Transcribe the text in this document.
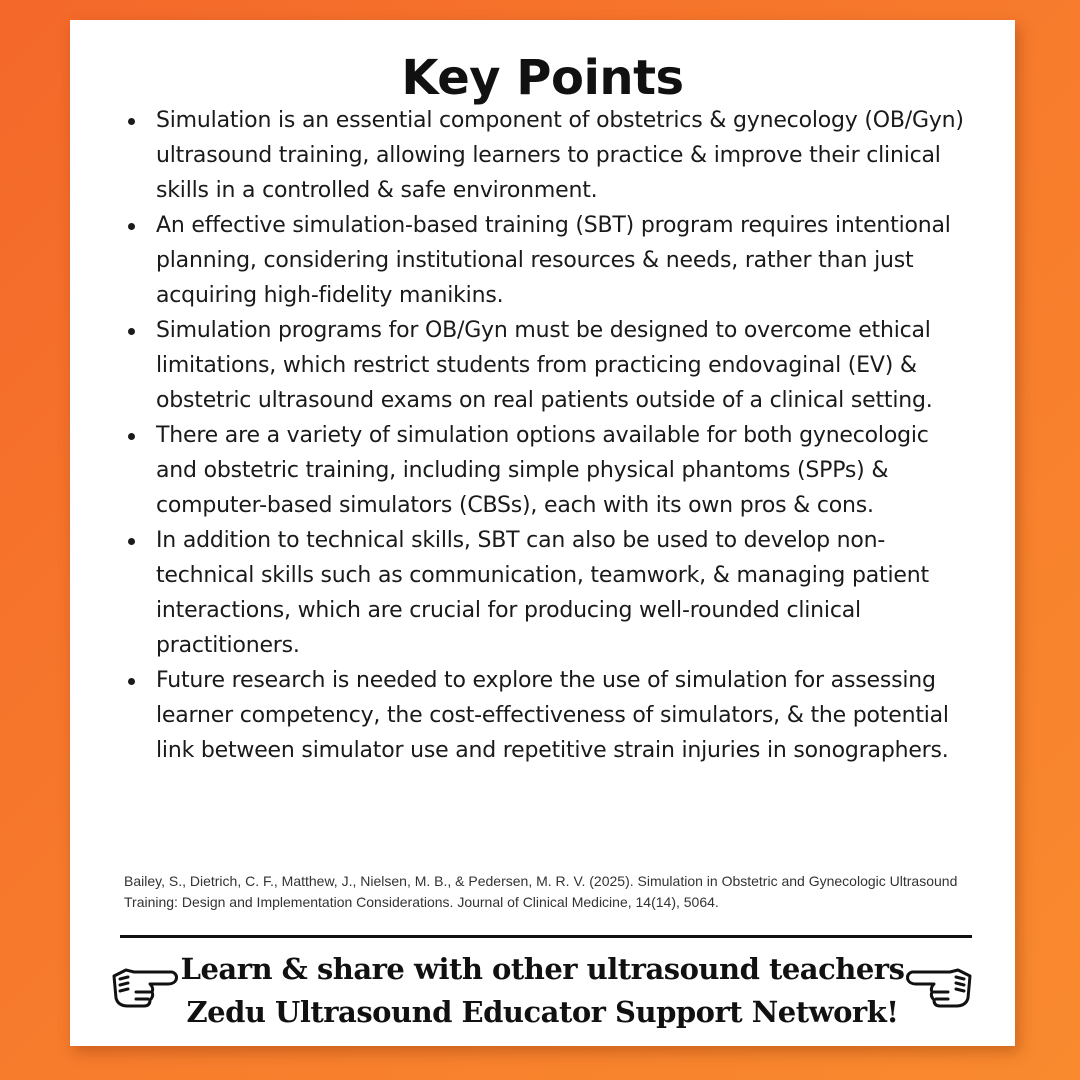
Key Points
Simulation is an essential component of obstetrics & gynecology (OB/Gyn) ultrasound training, allowing learners to practice & improve their clinical skills in a controlled & safe environment.
An effective simulation-based training (SBT) program requires intentional planning, considering institutional resources & needs, rather than just acquiring high-fidelity manikins.
Simulation programs for OB/Gyn must be designed to overcome ethical limitations, which restrict students from practicing endovaginal (EV) & obstetric ultrasound exams on real patients outside of a clinical setting.
There are a variety of simulation options available for both gynecologic and obstetric training, including simple physical phantoms (SPPs) & computer-based simulators (CBSs), each with its own pros & cons.
In addition to technical skills, SBT can also be used to develop non-technical skills such as communication, teamwork, & managing patient interactions, which are crucial for producing well-rounded clinical practitioners.
Future research is needed to explore the use of simulation for assessing learner competency, the cost-effectiveness of simulators, & the potential link between simulator use and repetitive strain injuries in sonographers.
Bailey, S., Dietrich, C. F., Matthew, J., Nielsen, M. B., & Pedersen, M. R. V. (2025). Simulation in Obstetric and Gynecologic Ultrasound Training: Design and Implementation Considerations. Journal of Clinical Medicine, 14(14), 5064.
Learn & share with other ultrasound teachers
Zedu Ultrasound Educator Support Network!
